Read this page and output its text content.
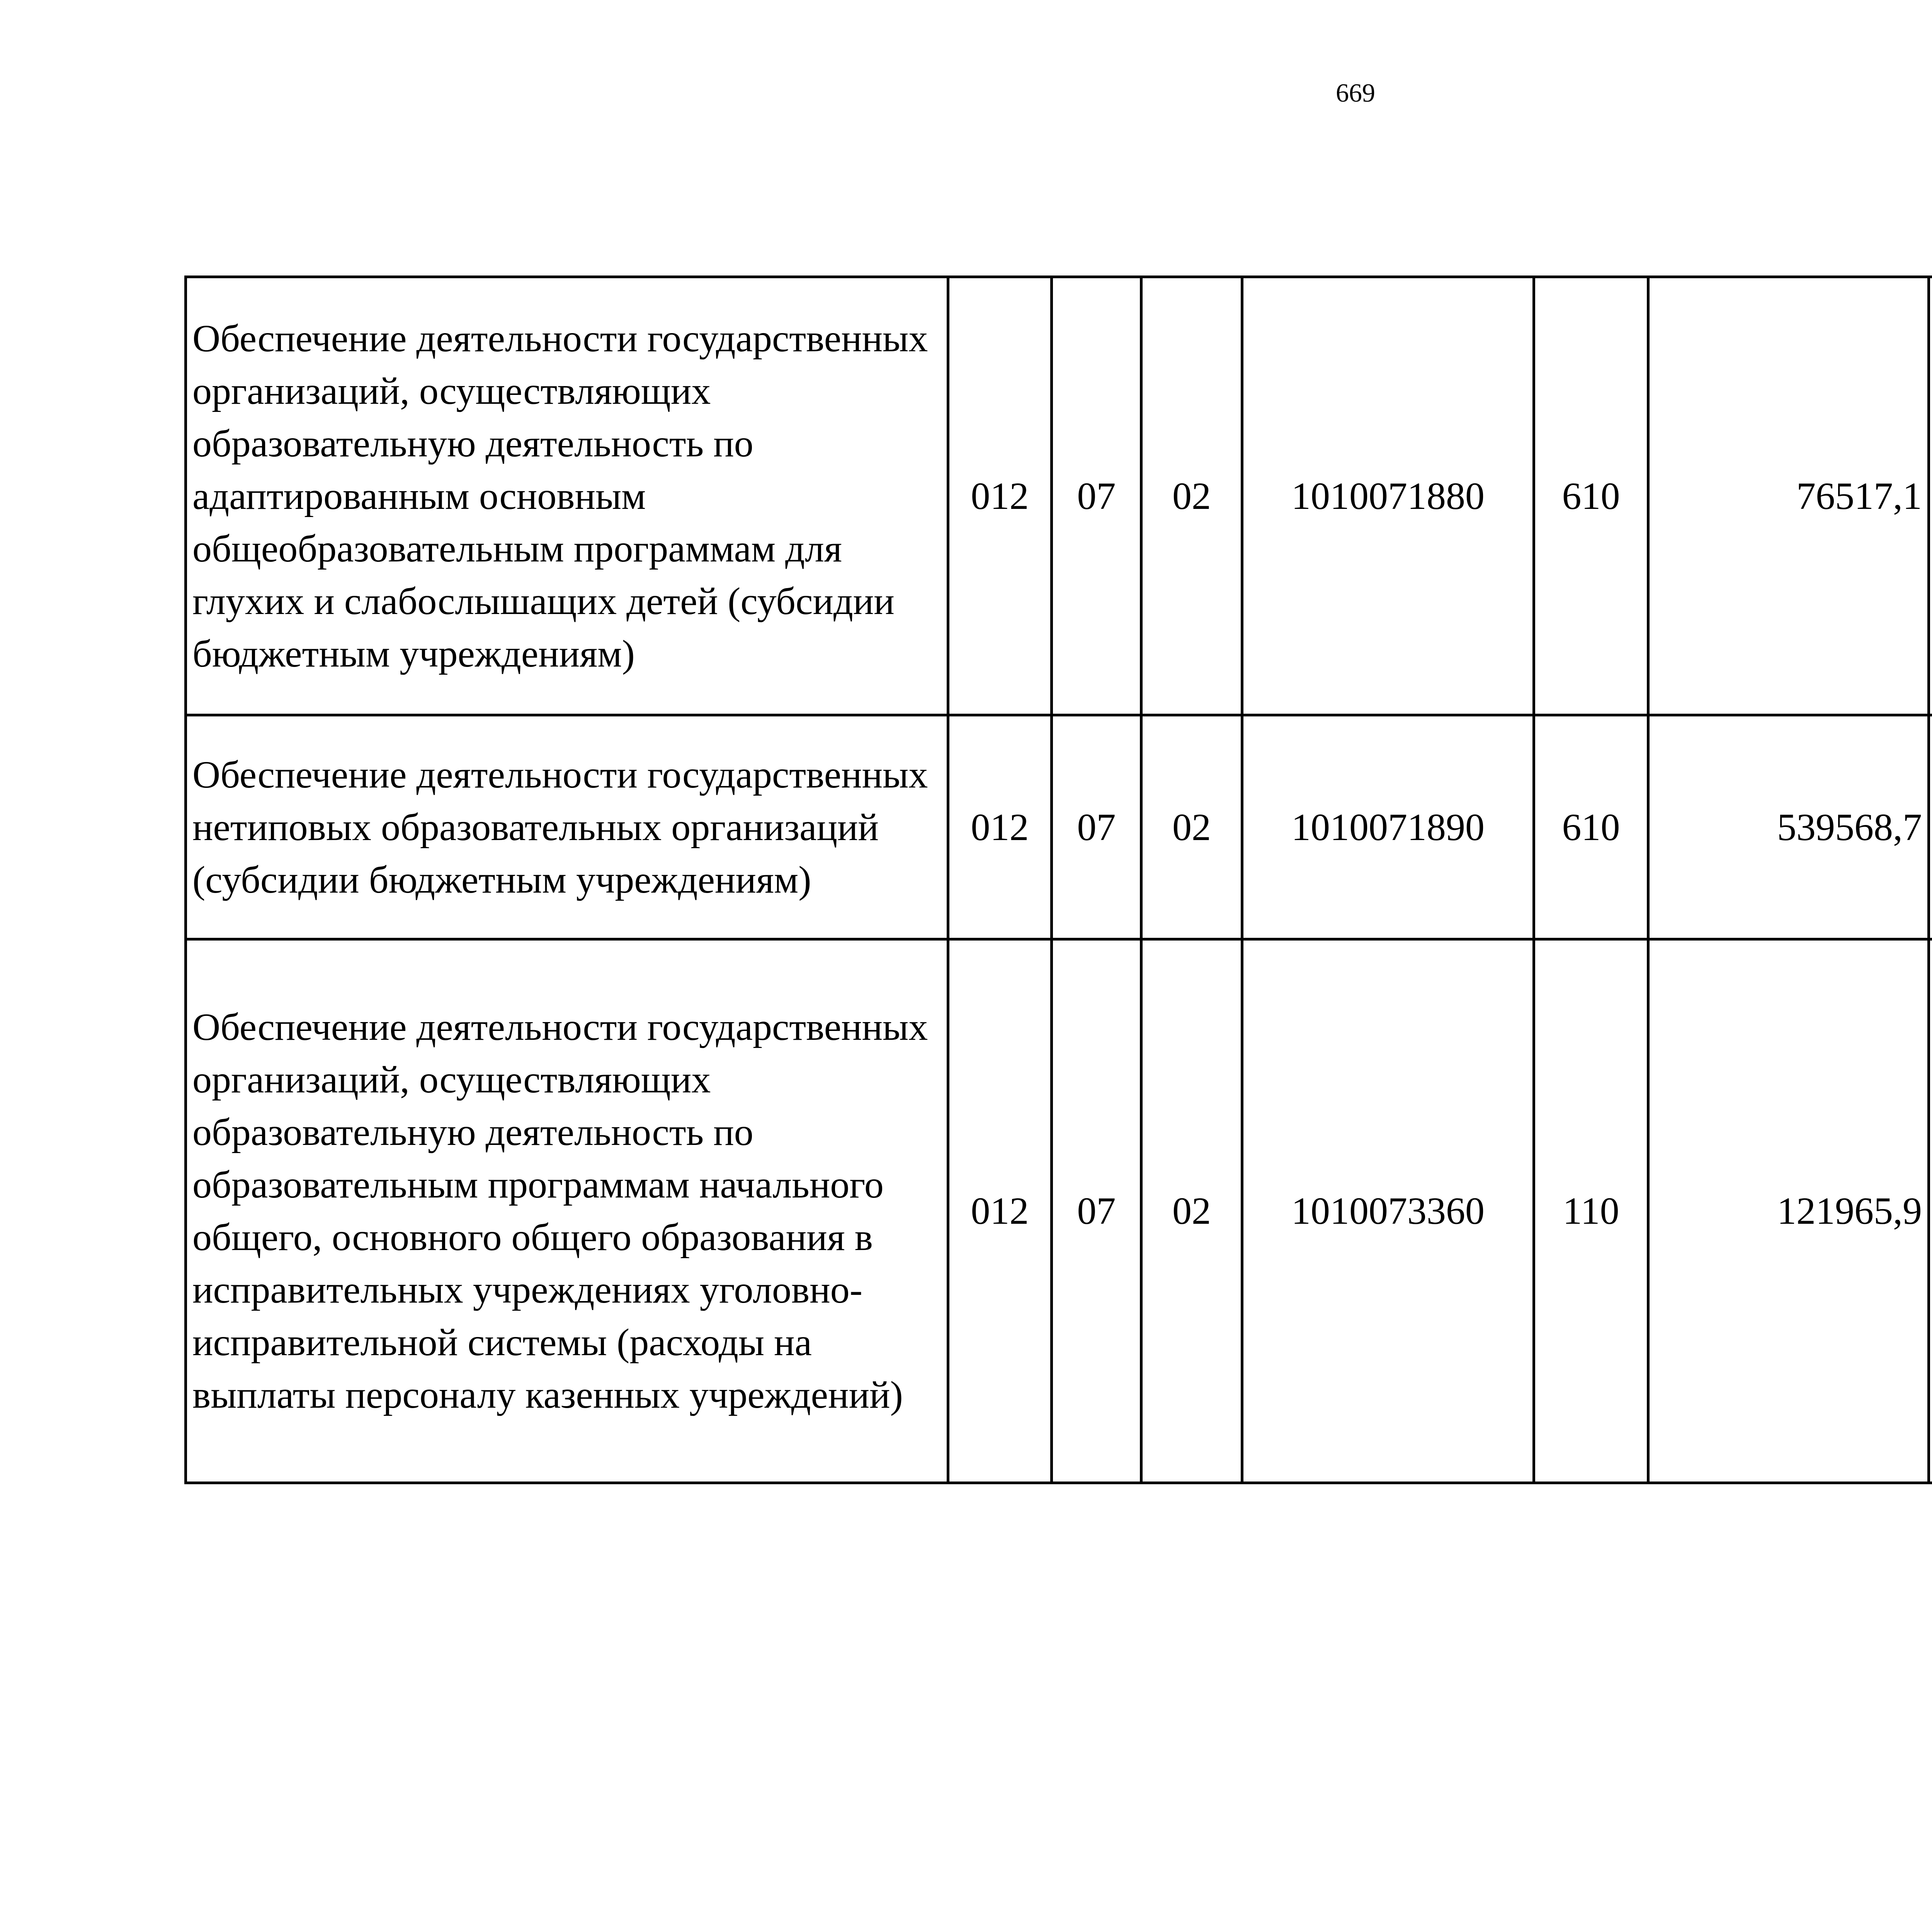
669
Обеспечение деятельности государственных организаций, осуществляющих образовательную деятельность по адаптированным основным общеобразовательным программам для глухих и слабослышащих детей (субсидии бюджетным учреждениям)	012	07	02	1010071880	610	76517,1		
Обеспечение деятельности государственных нетиповых образовательных организаций (субсидии бюджетным учреждениям)	012	07	02	1010071890	610	539568,7		
Обеспечение деятельности государственных организаций, осуществляющих образовательную деятельность по образовательным программам начального общего, основного общего образования в исправительных учреждениях уголовно-исправительной системы (расходы на выплаты персоналу казенных учреждений)	012	07	02	1010073360	110	121965,9		
